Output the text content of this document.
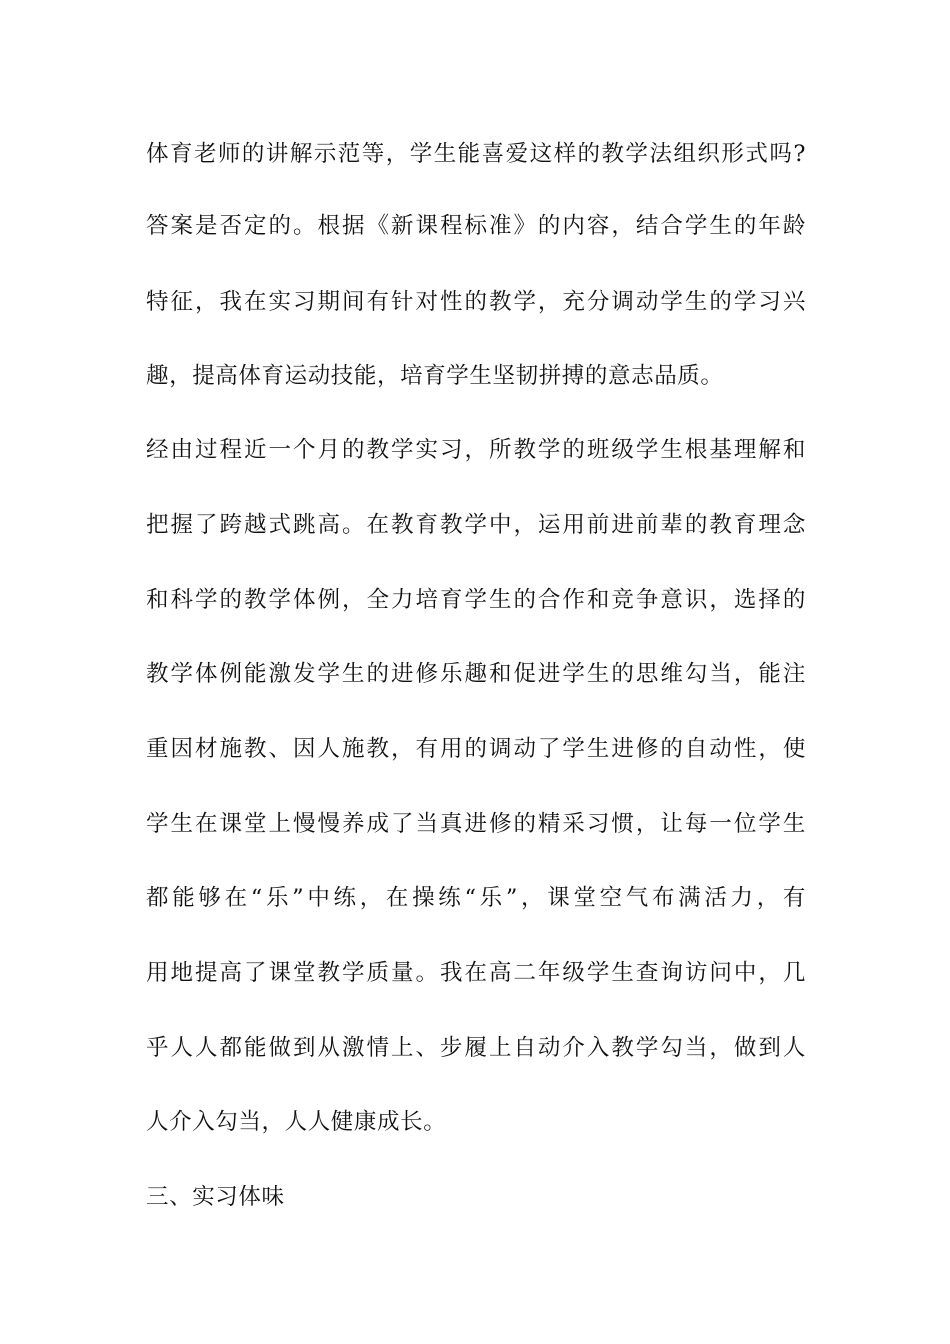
体育老师的讲解示范等，学生能喜爱这样的教学法组织形式吗?
答案是否定的。根据《新课程标准》的内容，结合学生的年龄
特征，我在实习期间有针对性的教学，充分调动学生的学习兴
趣，提高体育运动技能，培育学生坚韧拼搏的意志品质。
经由过程近一个月的教学实习，所教学的班级学生根基理解和
把握了跨越式跳高。在教育教学中，运用前进前辈的教育理念
和科学的教学体例，全力培育学生的合作和竞争意识，选择的
教学体例能激发学生的进修乐趣和促进学生的思维勾当，能注
重因材施教、因人施教，有用的调动了学生进修的自动性，使
学生在课堂上慢慢养成了当真进修的精采习惯，让每一位学生
都能够在“乐”中练，在操练“乐”，课堂空气布满活力，有
用地提高了课堂教学质量。我在高二年级学生查询访问中，几
乎人人都能做到从激情上、步履上自动介入教学勾当，做到人
人介入勾当，人人健康成长。
三、实习体味
